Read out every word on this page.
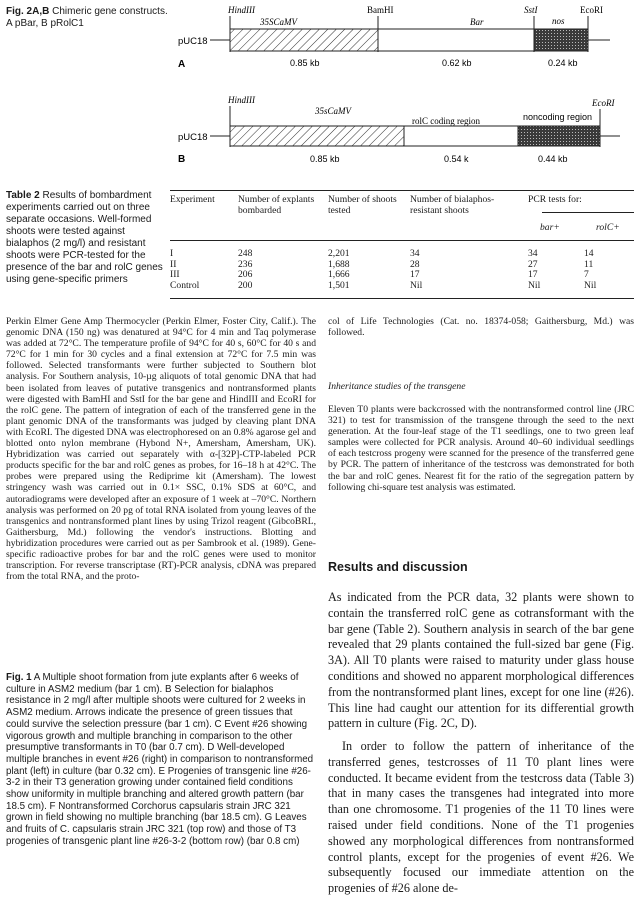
Fig. 2A,B Chimeric gene constructs. A pBar, B pRolC1
HindIII
35SCaMV
BamHI
Bar
SstI
nos
EcoRI
pUC18
A	0.85 kb	0.62 kb	0.24 kb
HindIII
35sCaMV
rolC coding region	noncoding region
EcoRI
pUC18
B	0.85 kb	0.54 k	0.44 kb
Table 2 Results of bombardment experiments carried out on three separate occasions. Well-formed shoots were tested against bialaphos (2 mg/l) and resistant shoots were PCR-tested for the presence of the bar and rolC genes using gene-specific primers
Experiment	Number of explants bombarded	Number of shoots tested	Number of bialaphos-resistant shoots	PCR tests for:
bar+	rolC+
I	248	2,201	34	34	14
II	236	1,688	28	27	11
III	206	1,666	17	17	7
Control	200	1,501	Nil	Nil	Nil
Perkin Elmer Gene Amp Thermocycler (Perkin Elmer, Foster City, Calif.). The genomic DNA (150 ng) was denatured at 94°C for 4 min and Taq polymerase was added at 72°C. The temperature profile of 94°C for 40 s, 60°C for 40 s and 72°C for 1 min for 30 cycles and a final extension at 72°C for 7.5 min was followed. Selected transformants were further subjected to Southern blot analysis. For Southern analysis, 10-µg aliquots of total genomic DNA that had been isolated from leaves of putative transgenics and nontransformed plants were digested with BamHI and SstI for the bar gene and HindIII and EcoRI for the rolC gene. The pattern of integration of each of the transferred gene in the plant genomic DNA of the transformants was judged by cleaving plant DNA with EcoRI. The digested DNA was electrophoresed on an 0.8% agarose gel and blotted onto nylon membrane (Hybond N+, Amersham, Amersham, UK). Hybridization was carried out separately with α-[32P]-CTP-labeled PCR products specific for the bar and rolC genes as probes, for 16–18 h at 42°C. The probes were prepared using the Rediprime kit (Amersham). The lowest stringency wash was carried out in 0.1× SSC, 0.1% SDS at 60°C, and autoradiograms were developed after an exposure of 1 week at –70°C. Northern analysis was performed on 20 pg of total RNA isolated from young leaves of the transgenics and nontransformed plant lines by using Trizol reagent (GibcoBRL, Gaithersburg, Md.) following the vendor's instructions. Blotting and hybridization procedures were carried out as per Sambrook et al. (1989). Gene-specific radioactive probes for bar and the rolC genes were used to monitor transcription. For reverse transcriptase (RT)-PCR analysis, cDNA was prepared from the total RNA, and the proto-
col of Life Technologies (Cat. no. 18374-058; Gaithersburg, Md.) was followed.
Inheritance studies of the transgene
Eleven T0 plants were backcrossed with the nontransformed control line (JRC 321) to test for transmission of the transgene through the seed to the next generation. At the four-leaf stage of the T1 seedlings, one to two green leaf samples were collected for PCR analysis. Around 40–60 individual seedlings of each testcross progeny were scanned for the presence of the transferred gene by PCR. The pattern of inheritance of the testcross was demonstrated for both the bar and rolC genes. Nearest fit for the ratio of the segregation pattern by following chi-square test analysis was estimated.
Results and discussion
As indicated from the PCR data, 32 plants were shown to contain the transferred rolC gene as cotransformant with the bar gene (Table 2). Southern analysis in search of the bar gene revealed that 29 plants contained the full-sized bar gene (Fig. 3A). All T0 plants were raised to maturity under glass house conditions and showed no apparent morphological differences from the nontransformed plant lines, except for one line (#26). This line had caught our attention for its differential growth pattern in culture (Fig. 2C, D).
In order to follow the pattern of inheritance of the transferred genes, testcrosses of 11 T0 plant lines were conducted. It became evident from the testcross data (Table 3) that in many cases the transgenes had integrated into more than one chromosome. T1 progenies of the 11 T0 lines were raised under field conditions. None of the T1 progenies showed any morphological differences from nontransformed control plants, except for the progenies of event #26. We subsequently focused our immediate attention on the progenies of #26 alone de-
Fig. 1 A Multiple shoot formation from jute explants after 6 weeks of culture in ASM2 medium (bar 1 cm). B Selection for bialaphos resistance in 2 mg/l after multiple shoots were cultured for 2 weeks in ASM2 medium. Arrows indicate the presence of green tissues that could survive the selection pressure (bar 1 cm). C Event #26 showing vigorous growth and multiple branching in comparison to the other presumptive transformants in T0 (bar 0.7 cm). D Well-developed multiple branches in event #26 (right) in comparison to nontransformed plant (left) in culture (bar 0.32 cm). E Progenies of transgenic line #26-3-2 in their T3 generation growing under contained field conditions show uniformity in multiple branching and altered growth pattern (bar 18.5 cm). F Nontransformed Corchorus capsularis strain JRC 321 grown in field showing no multiple branching (bar 18.5 cm). G Leaves and fruits of C. capsularis strain JRC 321 (top row) and those of T3 progenies of transgenic plant line #26-3-2 (bottom row) (bar 0.8 cm)
